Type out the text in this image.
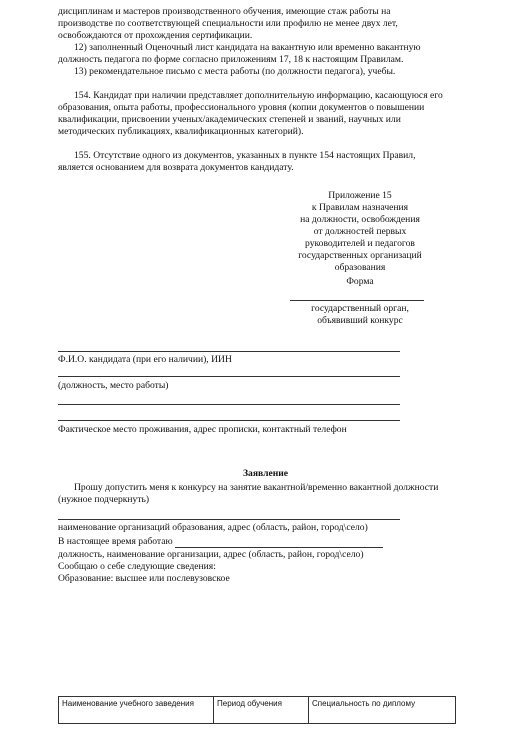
дисциплинам и мастеров производственного обучения, имеющие стаж работы на
производстве по соответствующей специальности или профилю не менее двух лет,
освобождаются от прохождения сертификации.
12) заполненный Оценочный лист кандидата на вакантную или временно вакантную
должность педагога по форме согласно приложениям 17, 18 к настоящим Правилам.
13) рекомендательное письмо с места работы (по должности педагога), учебы.
154. Кандидат при наличии представляет дополнительную информацию, касающуюся его
образования, опыта работы, профессионального уровня (копии документов о повышении
квалификации, присвоении ученых/академических степеней и званий, научных или
методических публикациях, квалификационных категорий).
155. Отсутствие одного из документов, указанных в пункте 154 настоящих Правил,
является основанием для возврата документов кандидату.
Приложение 15
к Правилам назначения
на должности, освобождения
от должностей первых
руководителей и педагогов
государственных организаций
образования
Форма
государственный орган,
объявивший конкурс
Ф.И.О. кандидата (при его наличии), ИИН
(должность, место работы)
Фактическое место проживания, адрес прописки, контактный телефон
Заявление
Прошу допустить меня к конкурсу на занятие вакантной/временно вакантной должности
(нужное подчеркнуть)
наименование организаций образования, адрес (область, район, город\село)
В настоящее время работаю
должность, наименование организации, адрес (область, район, город\село)
Сообщаю о себе следующие сведения:
Образование: высшее или послевузовское
Наименование учебного заведения	Период обучения	Специальность по диплому
